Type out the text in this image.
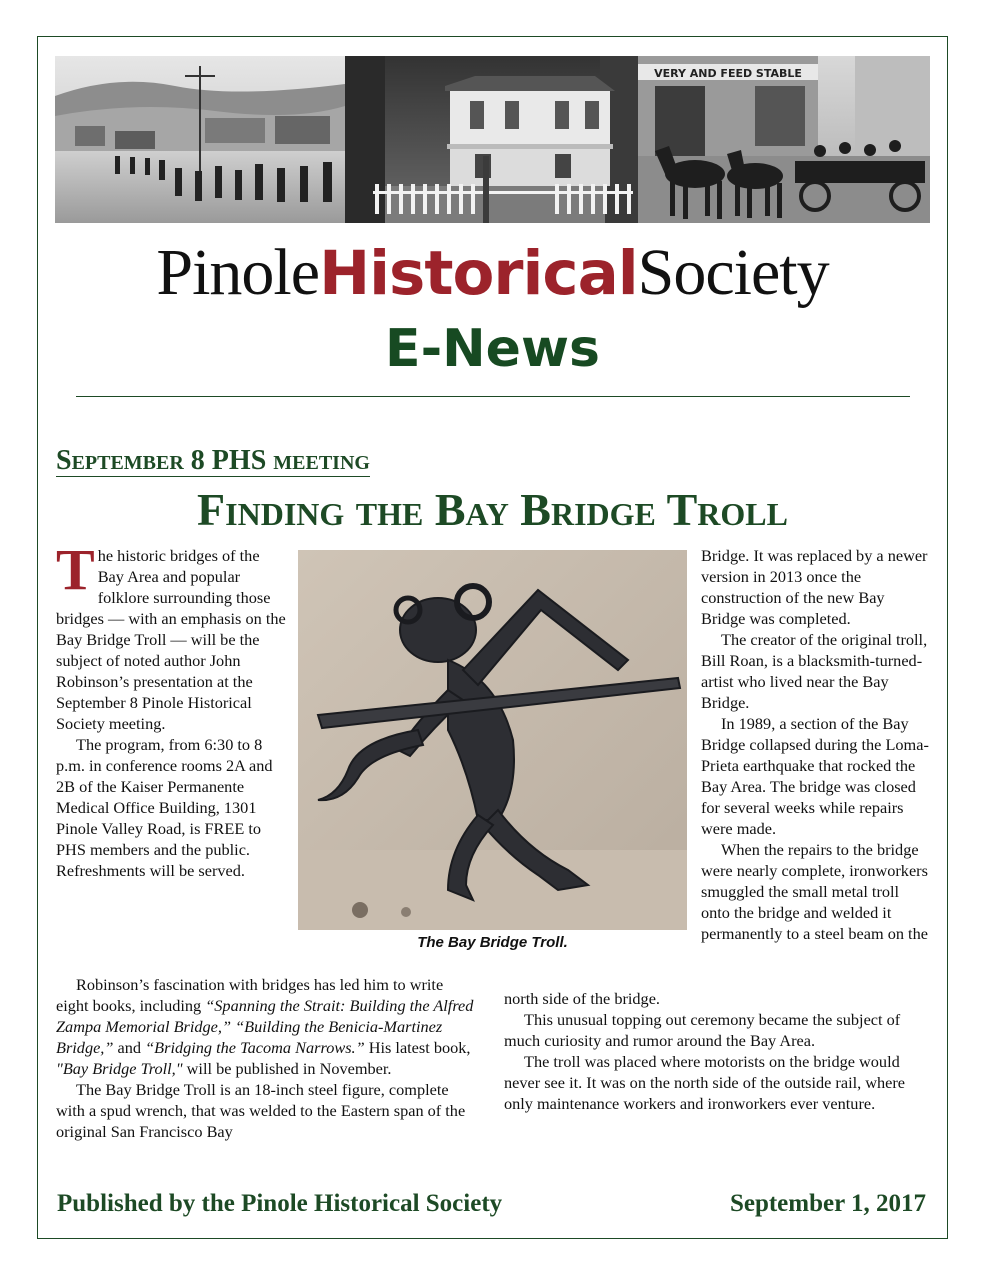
VERY AND FEED STABLE
PinoleHistoricalSociety
E-News
September 8 PHS meeting
Finding the Bay Bridge Troll

The historic bridges of the Bay Area and popular folklore surrounding those bridges — with an emphasis on the Bay Bridge Troll — will be the subject of noted author John Robinson’s presentation at the September 8 Pinole Historical Society meeting.

The program, from 6:30 to 8 p.m. in conference rooms 2A and 2B of the Kaiser Permanente Medical Office Building, 1301 Pinole Valley Road, is FREE to PHS members and the public. Refreshments will be served.

The Bay Bridge Troll.

Bridge. It was replaced by a newer version in 2013 once the construction of the new Bay Bridge was completed.

The creator of the original troll, Bill Roan, is a blacksmith-turned-artist who lived near the Bay Bridge.

In 1989, a section of the Bay Bridge collapsed during the Loma-Prieta earthquake that rocked the Bay Area. The bridge was closed for several weeks while repairs were made.

When the repairs to the bridge were nearly complete, ironworkers smuggled the small metal troll onto the bridge and welded it permanently to a steel beam on the

Robinson’s fascination with bridges has led him to write eight books, including “Spanning the Strait: Building the Alfred Zampa Memorial Bridge,” “Building the Benicia-Martinez Bridge,” and “Bridging the Tacoma Narrows.” His latest book, "Bay Bridge Troll," will be published in November.

The Bay Bridge Troll is an 18-inch steel figure, complete with a spud wrench, that was welded to the Eastern span of the original San Francisco Bay

north side of the bridge.

This unusual topping out ceremony became the subject of much curiosity and rumor around the Bay Area.

The troll was placed where motorists on the bridge would never see it. It was on the north side of the outside rail, where only maintenance workers and ironworkers ever venture.

Published by the Pinole Historical Society	September 1, 2017
